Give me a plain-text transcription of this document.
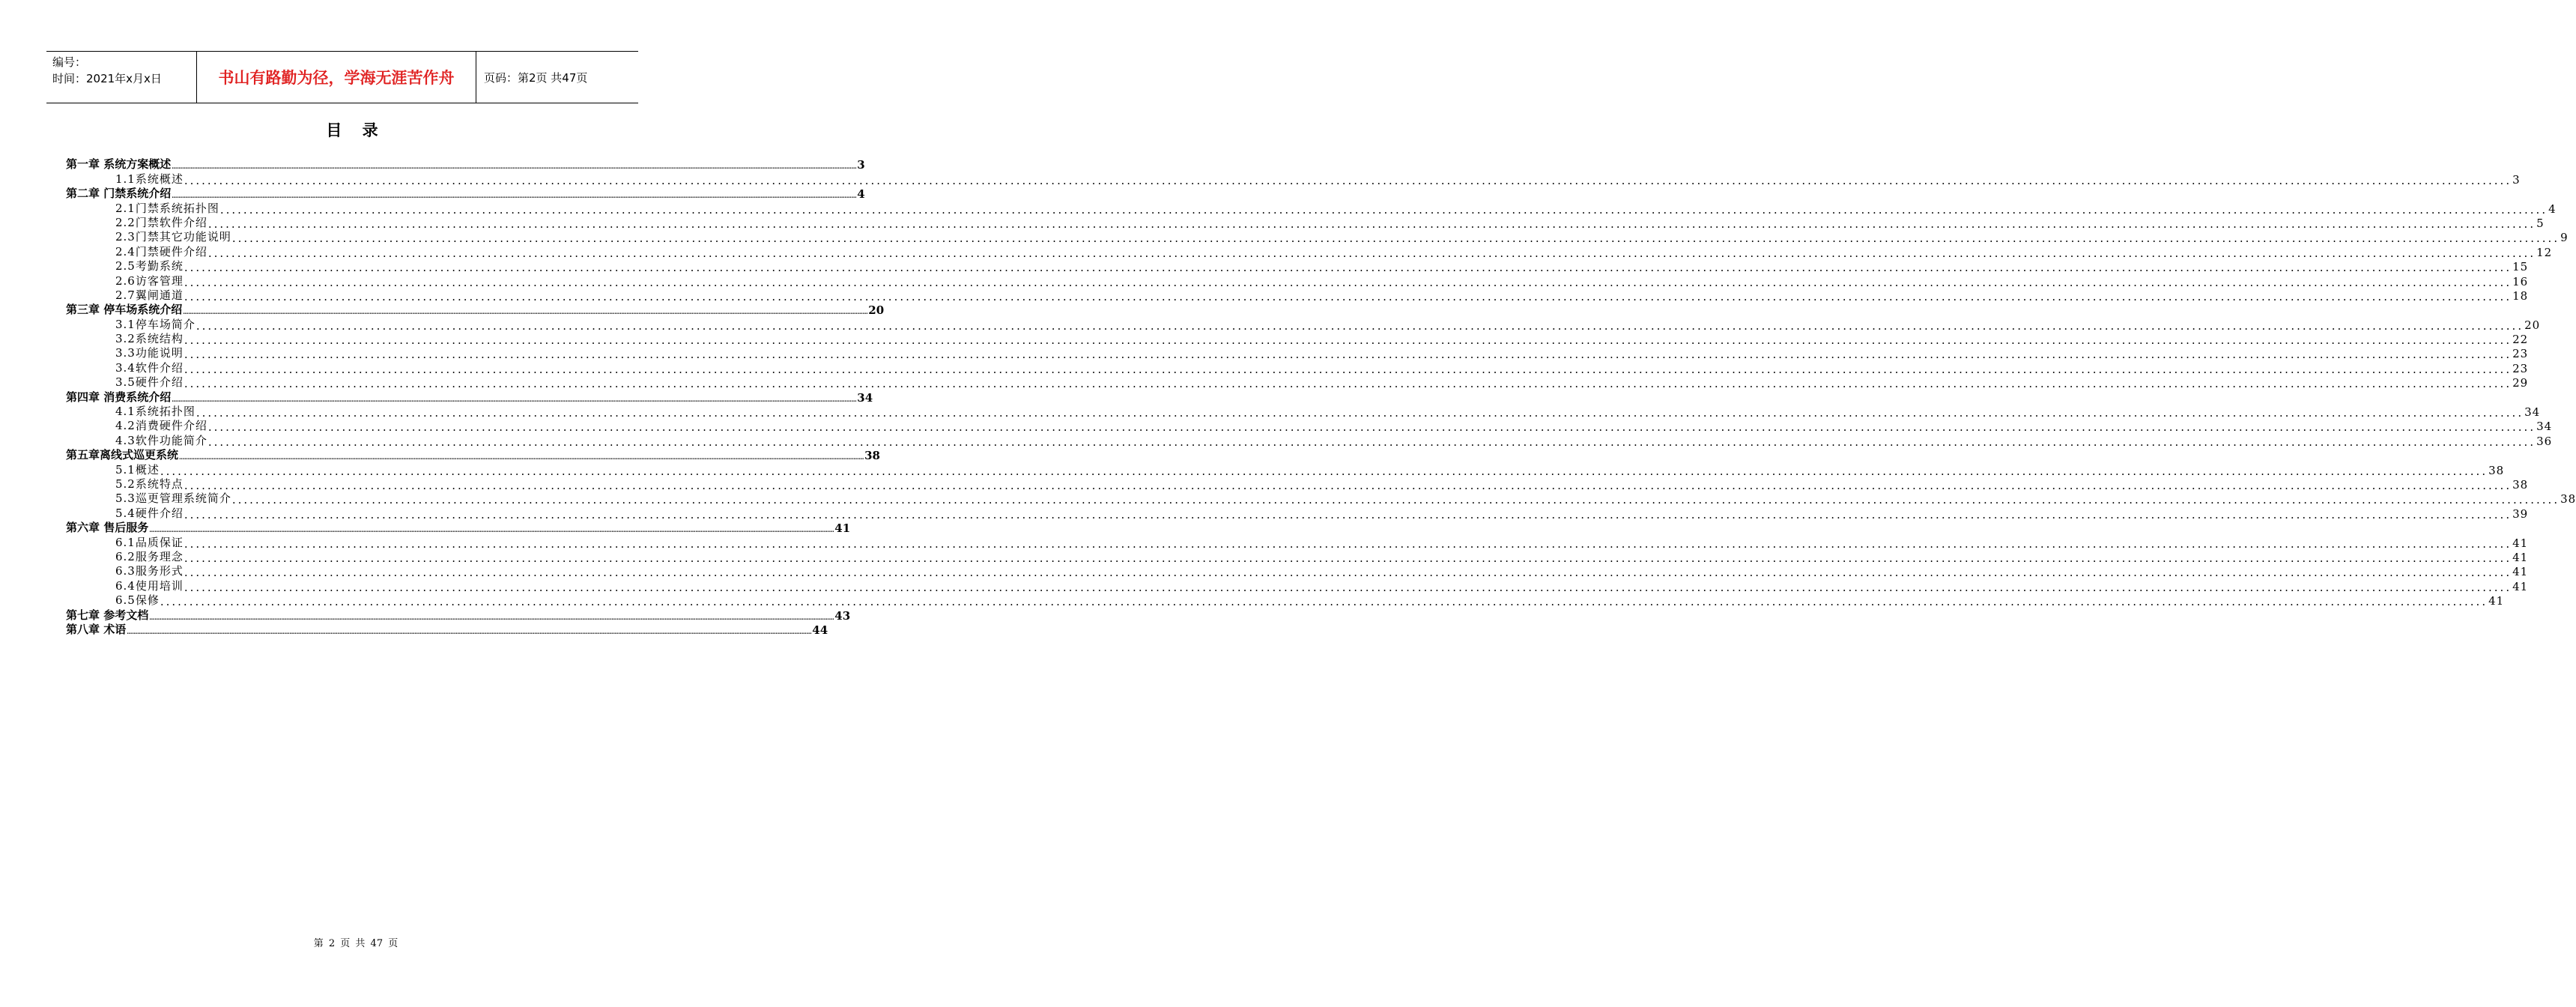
编号：
时间：2021年x月x日	书山有路勤为径，学海无涯苦作舟	页码：第2页 共47页
目 录
第一章 系统方案概述 ................................................................................................................................................................................................................................................................................................................................................................................................................ 3
1.1系统概述 ................................................................................................................................................................................................................................................................................................................................................................................................................ 3
第二章 门禁系统介绍 ................................................................................................................................................................................................................................................................................................................................................................................................................ 4
2.1门禁系统拓扑图 ................................................................................................................................................................................................................................................................................................................................................................................................................ 4
2.2门禁软件介绍 ................................................................................................................................................................................................................................................................................................................................................................................................................ 5
2.3门禁其它功能说明 ................................................................................................................................................................................................................................................................................................................................................................................................................ 9
2.4门禁硬件介绍 ................................................................................................................................................................................................................................................................................................................................................................................................................ 12
2.5考勤系统 ................................................................................................................................................................................................................................................................................................................................................................................................................ 15
2.6访客管理 ................................................................................................................................................................................................................................................................................................................................................................................................................ 16
2.7翼闸通道 ................................................................................................................................................................................................................................................................................................................................................................................................................ 18
第三章 停车场系统介绍 ................................................................................................................................................................................................................................................................................................................................................................................................................ 20
3.1停车场简介 ................................................................................................................................................................................................................................................................................................................................................................................................................ 20
3.2系统结构 ................................................................................................................................................................................................................................................................................................................................................................................................................ 22
3.3功能说明 ................................................................................................................................................................................................................................................................................................................................................................................................................ 23
3.4软件介绍 ................................................................................................................................................................................................................................................................................................................................................................................................................ 23
3.5硬件介绍 ................................................................................................................................................................................................................................................................................................................................................................................................................ 29
第四章 消费系统介绍 ................................................................................................................................................................................................................................................................................................................................................................................................................ 34
4.1系统拓扑图 ................................................................................................................................................................................................................................................................................................................................................................................................................ 34
4.2消费硬件介绍 ................................................................................................................................................................................................................................................................................................................................................................................................................ 34
4.3软件功能简介 ................................................................................................................................................................................................................................................................................................................................................................................................................ 36
第五章离线式巡更系统 ................................................................................................................................................................................................................................................................................................................................................................................................................ 38
5.1概述 ................................................................................................................................................................................................................................................................................................................................................................................................................ 38
5.2系统特点 ................................................................................................................................................................................................................................................................................................................................................................................................................ 38
5.3巡更管理系统简介 ................................................................................................................................................................................................................................................................................................................................................................................................................ 38
5.4硬件介绍 ................................................................................................................................................................................................................................................................................................................................................................................................................ 39
第六章 售后服务 ................................................................................................................................................................................................................................................................................................................................................................................................................ 41
6.1品质保证 ................................................................................................................................................................................................................................................................................................................................................................................................................ 41
6.2服务理念 ................................................................................................................................................................................................................................................................................................................................................................................................................ 41
6.3服务形式 ................................................................................................................................................................................................................................................................................................................................................................................................................ 41
6.4使用培训 ................................................................................................................................................................................................................................................................................................................................................................................................................ 41
6.5保修 ................................................................................................................................................................................................................................................................................................................................................................................................................ 41
第七章 参考文档 ................................................................................................................................................................................................................................................................................................................................................................................................................ 43
第八章 术语 ................................................................................................................................................................................................................................................................................................................................................................................................................ 44
第 2 页 共 47 页
